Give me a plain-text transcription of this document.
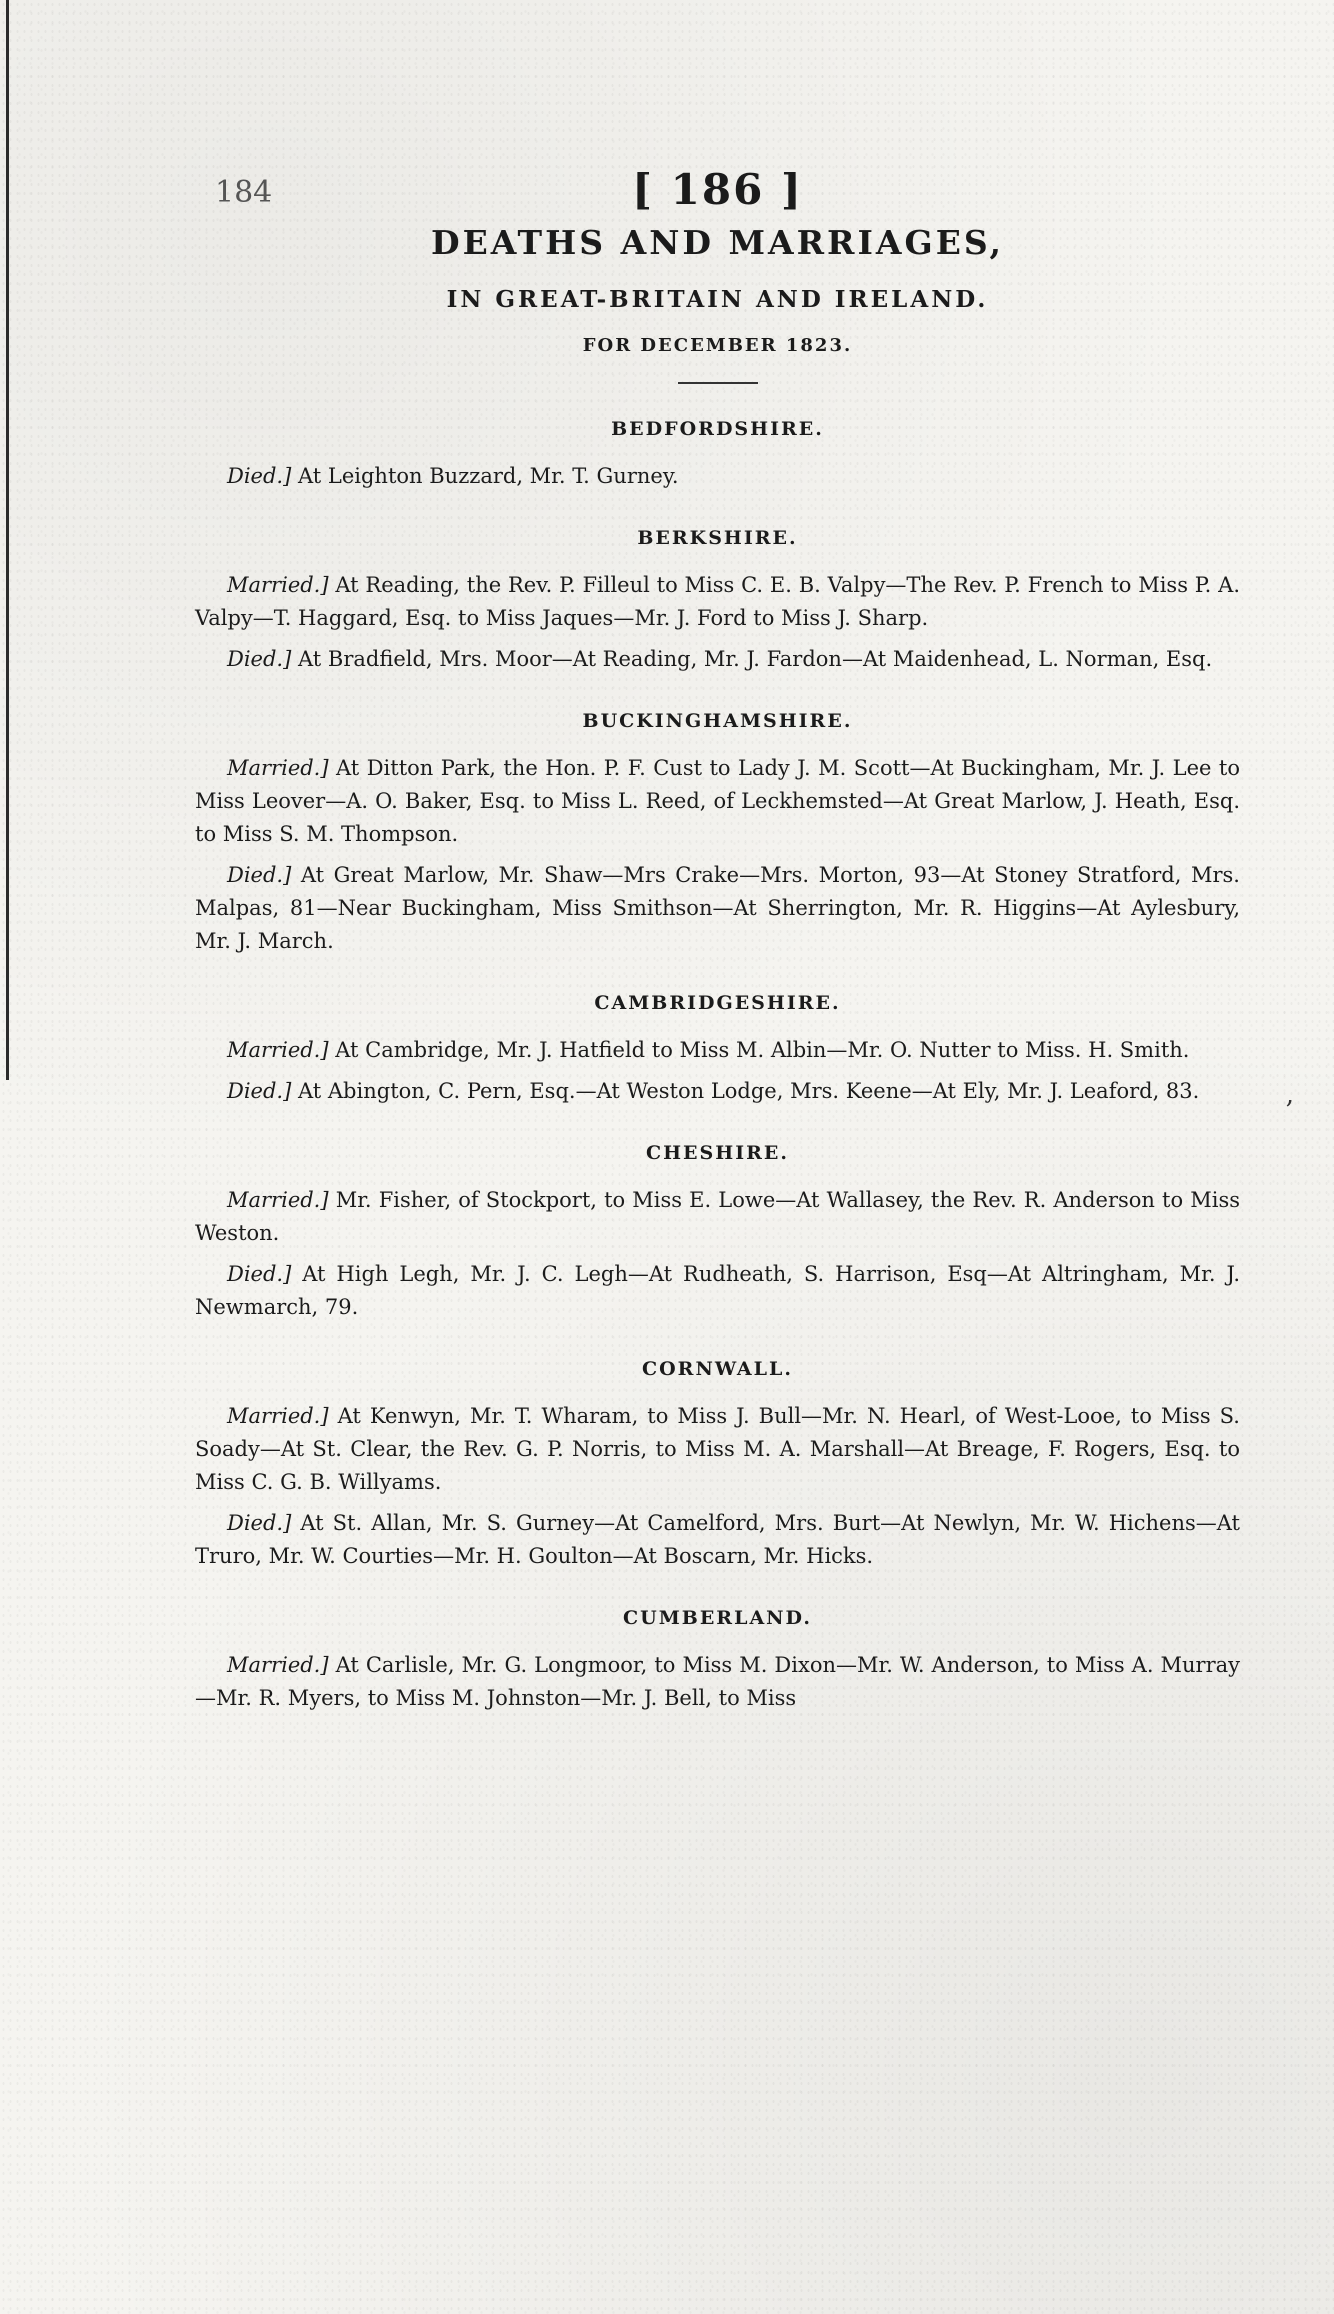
184	[ 186 ]

DEATHS AND MARRIAGES,

IN GREAT-BRITAIN AND IRELAND.

FOR DECEMBER 1823.

BEDFORDSHIRE.

Died.] At Leighton Buzzard, Mr. T. Gurney.

BERKSHIRE.

Married.] At Reading, the Rev. P. Filleul to Miss C. E. B. Valpy—The Rev. P. French to Miss P. A. Valpy—T. Haggard, Esq. to Miss Jaques—Mr. J. Ford to Miss J. Sharp.

Died.] At Bradfield, Mrs. Moor—At Reading, Mr. J. Fardon—At Maidenhead, L. Norman, Esq.

BUCKINGHAMSHIRE.

Married.] At Ditton Park, the Hon. P. F. Cust to Lady J. M. Scott—At Buckingham, Mr. J. Lee to Miss Leover—A. O. Baker, Esq. to Miss L. Reed, of Leckhemsted—At Great Marlow, J. Heath, Esq. to Miss S. M. Thompson.

Died.] At Great Marlow, Mr. Shaw—Mrs Crake—Mrs. Morton, 93—At Stoney Stratford, Mrs. Malpas, 81—Near Buckingham, Miss Smithson—At Sherrington, Mr. R. Higgins—At Aylesbury, Mr. J. March.

CAMBRIDGESHIRE.

Married.] At Cambridge, Mr. J. Hatfield to Miss M. Albin—Mr. O. Nutter to Miss. H. Smith.

Died.] At Abington, C. Pern, Esq.—At Weston Lodge, Mrs. Keene—At Ely, Mr. J. Leaford, 83.

CHESHIRE.

Married.] Mr. Fisher, of Stockport, to Miss E. Lowe—At Wallasey, the Rev. R. Anderson to Miss Weston.

Died.] At High Legh, Mr. J. C. Legh—At Rudheath, S. Harrison, Esq—At Altringham, Mr. J. Newmarch, 79.

CORNWALL.

Married.] At Kenwyn, Mr. T. Wharam, to Miss J. Bull—Mr. N. Hearl, of West-Looe, to Miss S. Soady—At St. Clear, the Rev. G. P. Norris, to Miss M. A. Marshall—At Breage, F. Rogers, Esq. to Miss C. G. B. Willyams.

Died.] At St. Allan, Mr. S. Gurney—At Camelford, Mrs. Burt—At Newlyn, Mr. W. Hichens—At Truro, Mr. W. Courties—Mr. H. Goulton—At Boscarn, Mr. Hicks.

CUMBERLAND.

Married.] At Carlisle, Mr. G. Longmoor, to Miss M. Dixon—Mr. W. Anderson, to Miss A. Murray—Mr. R. Myers, to Miss M. Johnston—Mr. J. Bell, to Miss

,
